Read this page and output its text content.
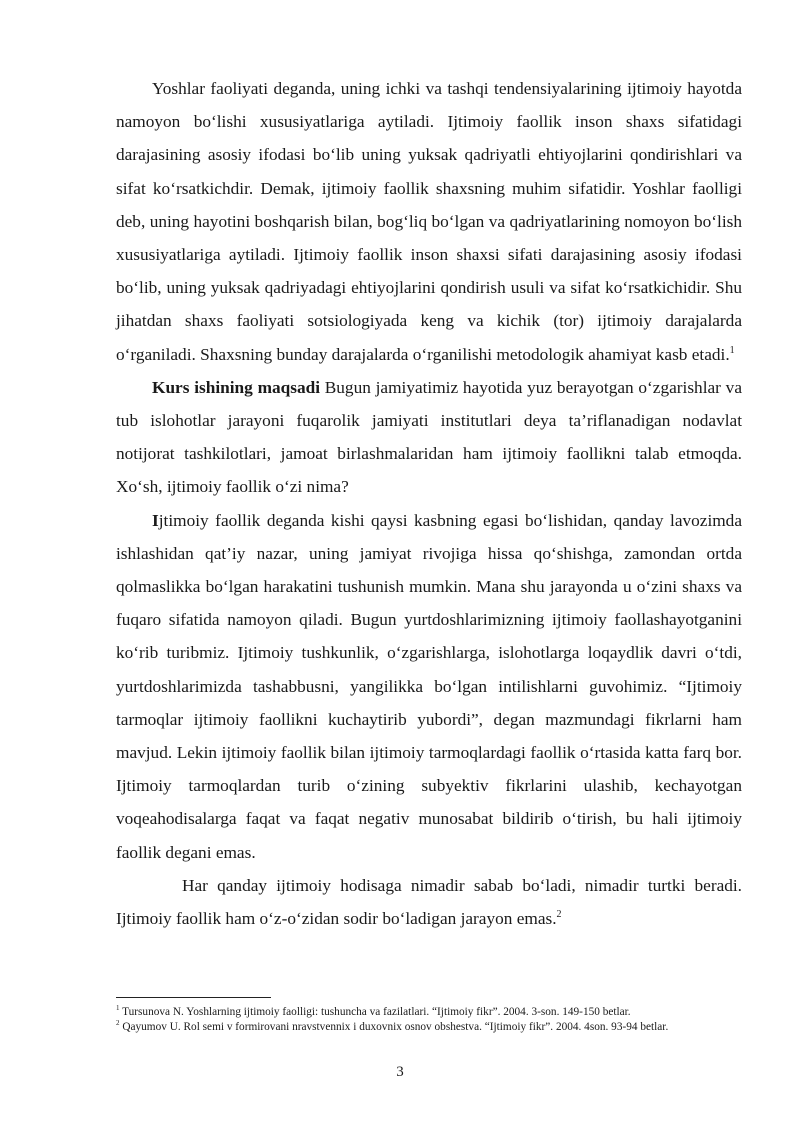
Yoshlar faoliyati deganda, uning ichki va tashqi tendensiyalarining ijtimoiy hayotda namoyon bo‘lishi xususiyatlariga aytiladi. Ijtimoiy faollik inson shaxs sifatidagi darajasining asosiy ifodasi bo‘lib uning yuksak qadriyatli ehtiyojlarini qondirishlari va sifat ko‘rsatkichdir. Demak, ijtimoiy faollik shaxsning muhim sifatidir. Yoshlar faolligi deb, uning hayotini boshqarish bilan, bog‘liq bo‘lgan va qadriyatlarining nomoyon bo‘lish xususiyatlariga aytiladi. Ijtimoiy faollik inson shaxsi sifati darajasining asosiy ifodasi bo‘lib, uning yuksak qadriyadagi ehtiyojlarini qondirish usuli va sifat ko‘rsatkichidir. Shu jihatdan shaxs faoliyati sotsiologiyada keng va kichik (tor) ijtimoiy darajalarda o‘rganiladi. Shaxsning bunday darajalarda o‘rganilishi metodologik ahamiyat kasb etadi.$^1$

Kurs ishining maqsadi Bugun jamiyatimiz hayotida yuz berayotgan o‘zgarishlar va tub islohotlar jarayoni fuqarolik jamiyati institutlari deya ta’riflanadigan nodavlat notijorat tashkilotlari, jamoat birlashmalaridan ham ijtimoiy faollikni talab etmoqda. Xo‘sh, ijtimoiy faollik o‘zi nima?

Ijtimoiy faollik deganda kishi qaysi kasbning egasi bo‘lishidan, qanday lavozimda ishlashidan qat’iy nazar, uning jamiyat rivojiga hissa qo‘shishga, zamondan ortda qolmaslikka bo‘lgan harakatini tushunish mumkin. Mana shu jarayonda u o‘zini shaxs va fuqaro sifatida namoyon qiladi. Bugun yurtdoshlarimizning ijtimoiy faollashayotganini ko‘rib turibmiz. Ijtimoiy tushkunlik, o‘zgarishlarga, islohotlarga loqaydlik davri o‘tdi, yurtdoshlarimizda tashabbusni, yangilikka bo‘lgan intilishlarni guvohimiz. “Ijtimoiy tarmoqlar ijtimoiy faollikni kuchaytirib yubordi”, degan mazmundagi fikrlarni ham mavjud. Lekin ijtimoiy faollik bilan ijtimoiy tarmoqlardagi faollik o‘rtasida katta farq bor. Ijtimoiy tarmoqlardan turib o‘zining subyektiv fikrlarini ulashib, kechayotgan voqeahodisalarga faqat va faqat negativ munosabat bildirib o‘tirish, bu hali ijtimoiy faollik degani emas.

Har qanday ijtimoiy hodisaga nimadir sabab bo‘ladi, nimadir turtki beradi. Ijtimoiy faollik ham o‘z-o‘zidan sodir bo‘ladigan jarayon emas.$^2$

$^1$ Tursunova N. Yoshlarning ijtimoiy faolligi: tushuncha va fazilatlari. “Ijtimoiy fikr”. 2004. 3-son. 149-150 betlar.

$^2$ Qayumov U. Rol semi v formirovani nravstvennix i duxovnix osnov obshestva. “Ijtimoiy fikr”. 2004. 4son. 93-94 betlar.

3
